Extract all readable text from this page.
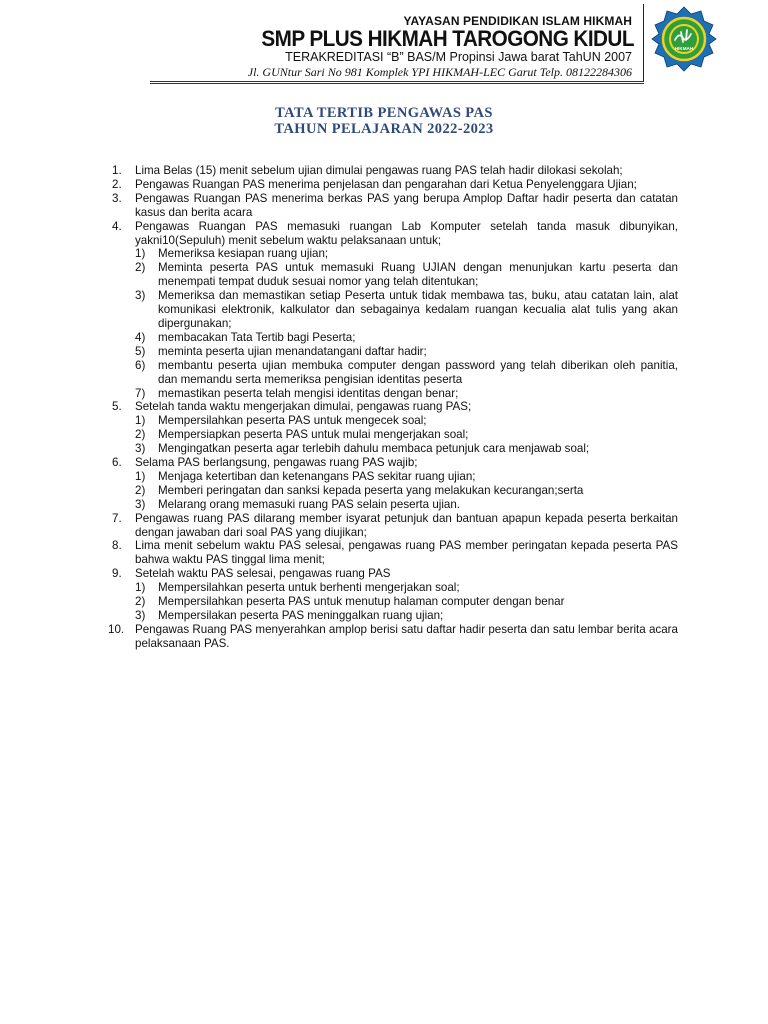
YAYASAN PENDIDIKAN ISLAM HIKMAH
SMP PLUS HIKMAH TAROGONG KIDUL
TERAKREDITASI “B” BAS/M Propinsi Jawa barat TahUN 2007
Jl. GUNtur Sari No 981 Komplek YPI HIKMAH-LEC Garut Telp. 08122284306
HIKMAH
TATA TERTIB PENGAWAS PAS
TAHUN PELAJARAN 2022-2023
1. Lima Belas (15) menit sebelum ujian dimulai pengawas ruang PAS telah hadir dilokasi sekolah;
2. Pengawas Ruangan PAS menerima penjelasan dan pengarahan dari Ketua Penyelenggara Ujian;
3. Pengawas Ruangan PAS menerima berkas PAS yang berupa Amplop Daftar hadir peserta dan catatan kasus dan berita acara
4. Pengawas Ruangan PAS memasuki ruangan Lab Komputer setelah tanda masuk dibunyikan, yakni10(Sepuluh) menit sebelum waktu pelaksanaan untuk;
1) Memeriksa kesiapan ruang ujian;
2) Meminta peserta PAS untuk memasuki Ruang UJIAN dengan menunjukan kartu peserta dan menempati tempat duduk sesuai nomor yang telah ditentukan;
3) Memeriksa dan memastikan setiap Peserta untuk tidak membawa tas, buku, atau catatan lain, alat komunikasi elektronik, kalkulator dan sebagainya kedalam ruangan kecualia alat tulis yang akan dipergunakan;
4) membacakan Tata Tertib bagi Peserta;
5) meminta peserta ujian menandatangani daftar hadir;
6) membantu peserta ujian membuka computer dengan password yang telah diberikan oleh panitia, dan memandu serta memeriksa pengisian identitas peserta
7) memastikan peserta telah mengisi identitas dengan benar;
5. Setelah tanda waktu mengerjakan dimulai, pengawas ruang PAS;
1) Mempersilahkan peserta PAS untuk mengecek soal;
2) Mempersiapkan peserta PAS untuk mulai mengerjakan soal;
3) Mengingatkan peserta agar terlebih dahulu membaca petunjuk cara menjawab soal;
6. Selama PAS berlangsung, pengawas ruang PAS wajib;
1) Menjaga ketertiban dan ketenangans PAS sekitar ruang ujian;
2) Memberi peringatan dan sanksi kepada peserta yang melakukan kecurangan;serta
3) Melarang orang memasuki ruang PAS selain peserta ujian.
7. Pengawas ruang PAS dilarang member isyarat petunjuk dan bantuan apapun kepada peserta berkaitan dengan jawaban dari soal PAS yang diujikan;
8. Lima menit sebelum waktu PAS selesai, pengawas ruang PAS member peringatan kepada peserta PAS bahwa waktu PAS tinggal lima menit;
9. Setelah waktu PAS selesai, pengawas ruang PAS
1) Mempersilahkan peserta untuk berhenti mengerjakan soal;
2) Mempersilahkan peserta PAS untuk menutup halaman computer dengan benar
3) Mempersilakan peserta PAS meninggalkan ruang ujian;
10. Pengawas Ruang PAS menyerahkan amplop berisi satu daftar hadir peserta dan satu lembar berita acara pelaksanaan PAS.
